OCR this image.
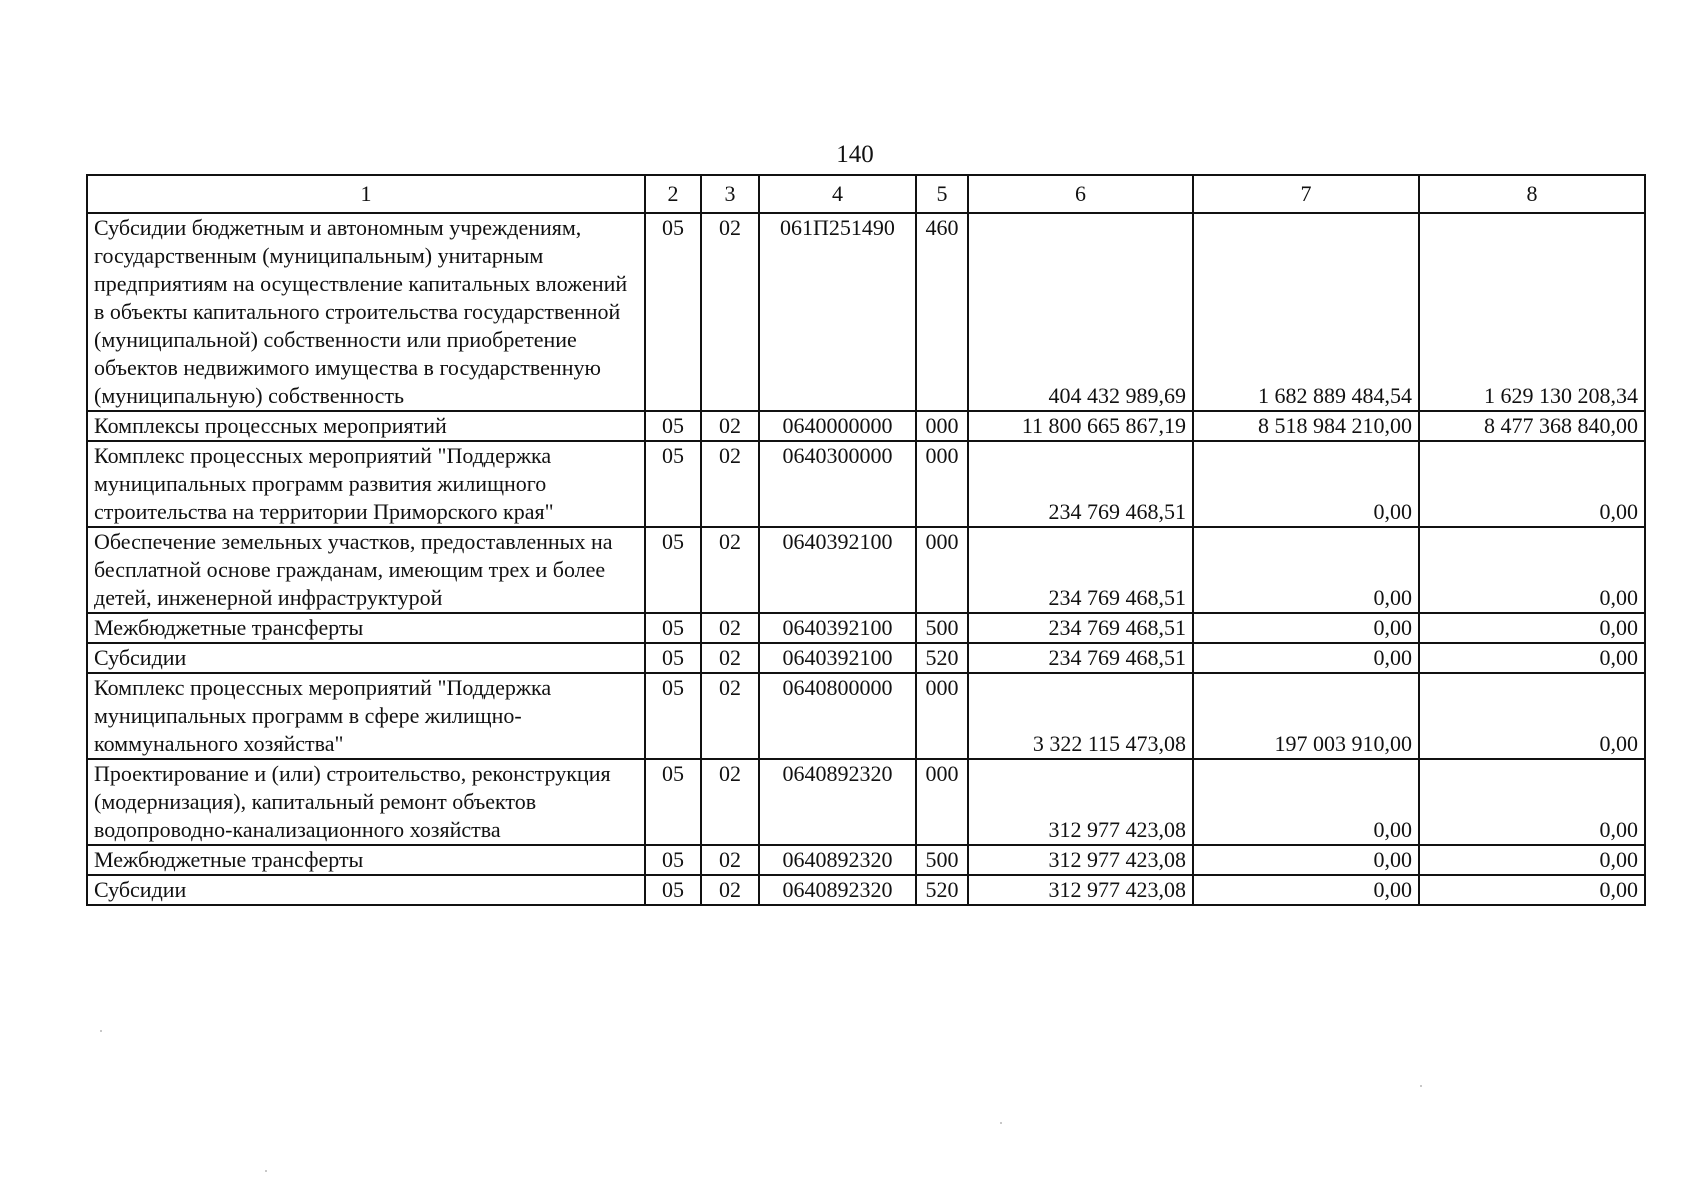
140
1	2	3	4	5	6	7	8
Субсидии бюджетным и автономным учреждениям, государственным (муниципальным) унитарным предприятиям на осуществление капитальных вложений в объекты капитального строительства государственной (муниципальной) собственности или приобретение объектов недвижимого имущества в государственную (муниципальную) собственность	05	02	061П251490	460	404 432 989,69	1 682 889 484,54	1 629 130 208,34
Комплексы процессных мероприятий	05	02	0640000000	000	11 800 665 867,19	8 518 984 210,00	8 477 368 840,00
Комплекс процессных мероприятий "Поддержка муниципальных программ развития жилищного строительства на территории Приморского края"	05	02	0640300000	000	234 769 468,51	0,00	0,00
Обеспечение земельных участков, предоставленных на бесплатной основе гражданам, имеющим трех и более детей, инженерной инфраструктурой	05	02	0640392100	000	234 769 468,51	0,00	0,00
Межбюджетные трансферты	05	02	0640392100	500	234 769 468,51	0,00	0,00
Субсидии	05	02	0640392100	520	234 769 468,51	0,00	0,00
Комплекс процессных мероприятий "Поддержка муниципальных программ в сфере жилищно-коммунального хозяйства"	05	02	0640800000	000	3 322 115 473,08	197 003 910,00	0,00
Проектирование и (или) строительство, реконструкция (модернизация), капитальный ремонт объектов водопроводно-канализационного хозяйства	05	02	0640892320	000	312 977 423,08	0,00	0,00
Межбюджетные трансферты	05	02	0640892320	500	312 977 423,08	0,00	0,00
Субсидии	05	02	0640892320	520	312 977 423,08	0,00	0,00
